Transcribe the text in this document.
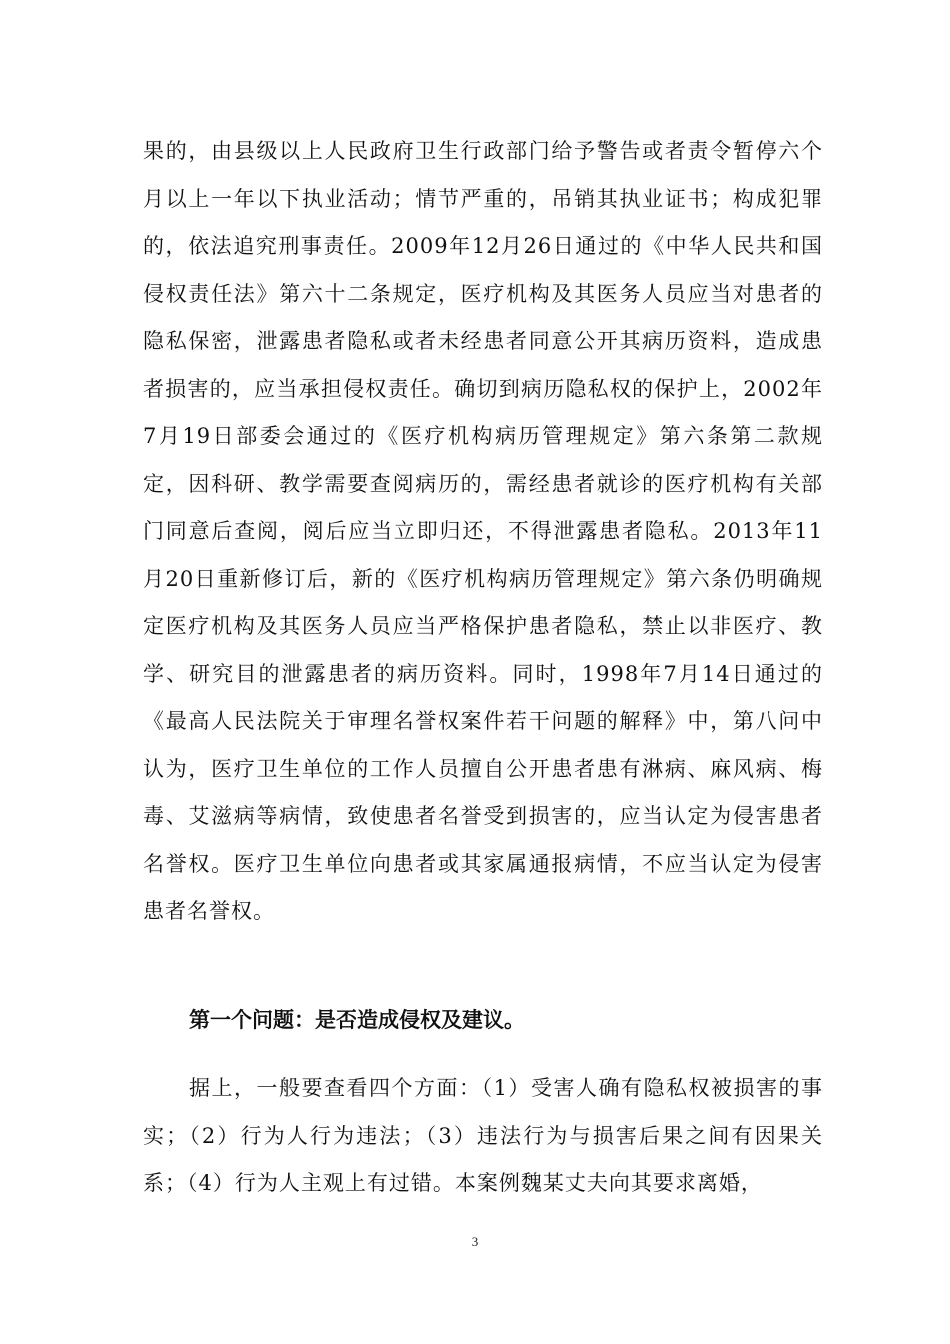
果的，由县级以上人民政府卫生行政部门给予警告或者责令暂停六个月以上一年以下执业活动；情节严重的，吊销其执业证书；构成犯罪的，依法追究刑事责任。2009年12月26日通过的《中华人民共和国侵权责任法》第六十二条规定，医疗机构及其医务人员应当对患者的隐私保密，泄露患者隐私或者未经患者同意公开其病历资料，造成患者损害的，应当承担侵权责任。确切到病历隐私权的保护上，2002年7月19日部委会通过的《医疗机构病历管理规定》第六条第二款规定，因科研、教学需要查阅病历的，需经患者就诊的医疗机构有关部门同意后查阅，阅后应当立即归还，不得泄露患者隐私。2013年11月20日重新修订后，新的《医疗机构病历管理规定》第六条仍明确规定医疗机构及其医务人员应当严格保护患者隐私，禁止以非医疗、教学、研究目的泄露患者的病历资料。同时，1998年7月14日通过的《最高人民法院关于审理名誉权案件若干问题的解释》中，第八问中认为，医疗卫生单位的工作人员擅自公开患者患有淋病、麻风病、梅毒、艾滋病等病情，致使患者名誉受到损害的，应当认定为侵害患者名誉权。医疗卫生单位向患者或其家属通报病情，不应当认定为侵害患者名誉权。

第一个问题：是否造成侵权及建议。

据上，一般要查看四个方面：（1）受害人确有隐私权被损害的事实；（2）行为人行为违法；（3）违法行为与损害后果之间有因果关系；（4）行为人主观上有过错。本案例魏某丈夫向其要求离婚，

3
